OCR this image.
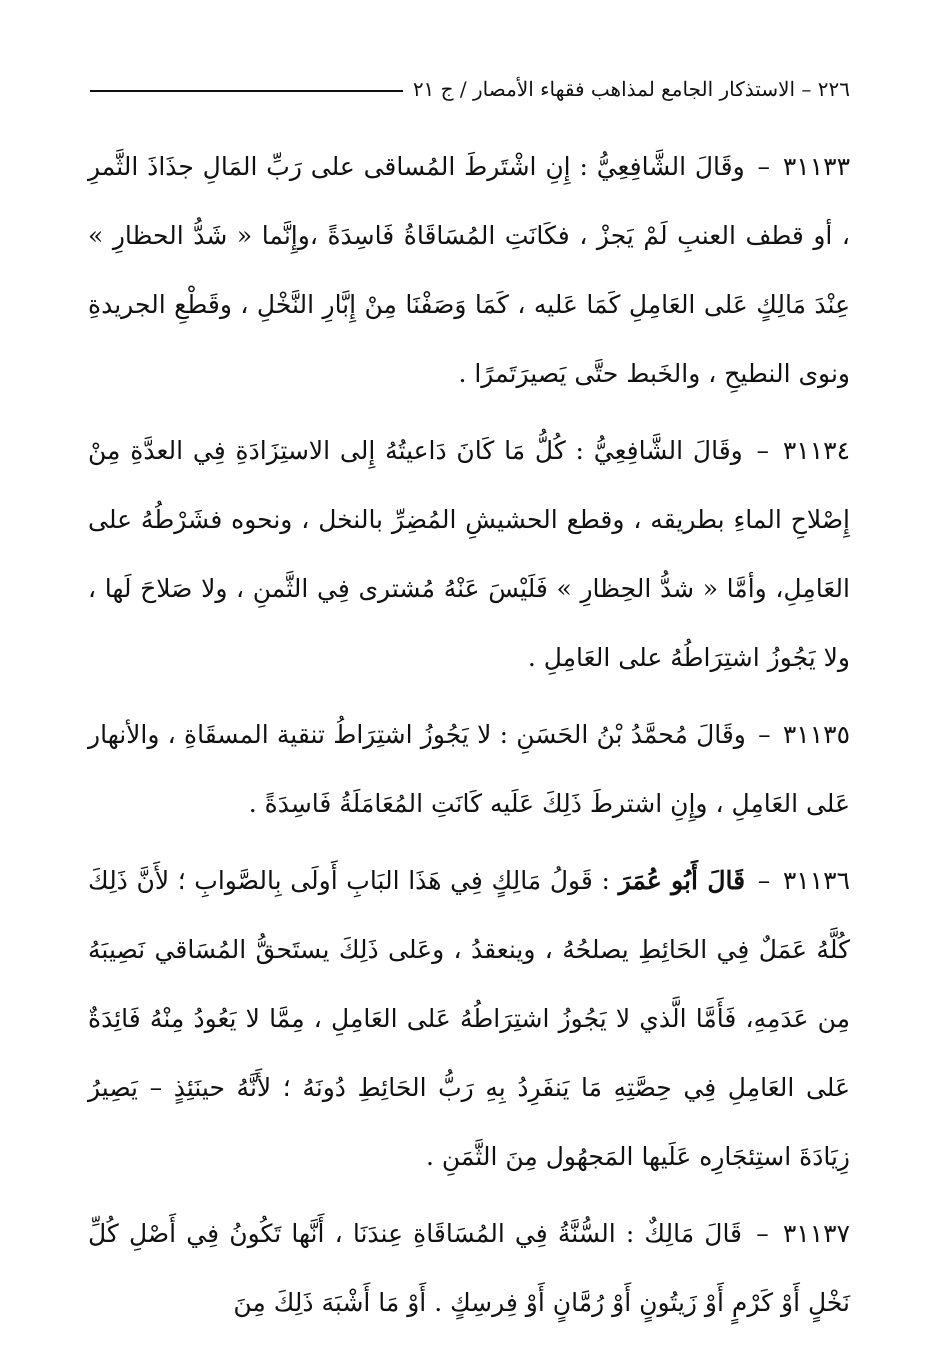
٢٢٦ – الاستذكار الجامع لمذاهب فقهاء الأمصار / ج ٢١

٣١١٣٣ – وقَالَ الشَّافِعِيُّ : إِنِ اشْتَرطَ المُساقى على رَبِّ المَالِ جذَاذَ الثَّمرِ ، أو قطف العنبِ لَمْ يَجزْ ، فكَانَتِ المُسَاقَاةُ فَاسِدَةً ،وإِنَّما « شَدُّ الحظارِ » عِنْدَ مَالِكٍ عَلى العَامِلِ كَمَا عَليه ، كَمَا وَصَفْنَا مِنْ إِبَّارِ النَّخْلِ ، وقَطْعِ الجريدةِ ونوى النطيحِ ، والخَبط حتَّى يَصيرَتَمرًا .

٣١١٣٤ – وقَالَ الشَّافِعِيُّ : كُلُّ مَا كَانَ دَاعيتُهُ إِلى الاستِزَادَةِ فِي العدَّةِ مِنْ إِصْلاحِ الماءِ بطريقه ، وقطع الحشيشِ المُضِرِّ بالنخل ، ونحوه فشَرْطُهُ على العَامِلِ، وأمَّا « شدُّ الحِظارِ » فَلَيْسَ عَنْهُ مُشترى فِي الثَّمنِ ، ولا صَلاحَ لَها ، ولا يَجُوزُ اشتِرَاطُهُ على العَامِلِ .

٣١١٣٥ – وقَالَ مُحمَّدُ بْنُ الحَسَنِ : لا يَجُوزُ اشتِرَاطُ تنقية المسقَاةِ ، والأنهار عَلى العَامِلِ ، وإِنِ اشترطَ ذَلِكَ عَلَيه كَانَتِ المُعَامَلَةُ فَاسِدَةً .

٣١١٣٦ – قَالَ أَبُو عُمَرَ : قَولُ مَالِكٍ فِي هَذَا البَابِ أَولَى بِالصَّوابِ ؛ لأَنَّ ذَلِكَ كُلَّهُ عَمَلٌ فِي الحَائِطِ يصلحُهُ ، وينعقدُ ، وعَلى ذَلِكَ يستَحقُّ المُسَاقي نَصِيبَهُ مِن عَدَمِهِ، فَأَمَّا الَّذي لا يَجُوزُ اشتِرَاطُهُ عَلى العَامِلِ ، مِمَّا لا يَعُودُ مِنْهُ فَائِدَةٌ عَلى العَامِلِ فِي حِصَّتِهِ مَا يَنفَرِدُ بِهِ رَبُّ الحَائِطِ دُونَهُ ؛ لأَنَّهُ حينَئِذٍ – يَصِيرُ زِيَادَةَ استِئجَارِه عَلَيها المَجهُول مِنَ الثَّمَنِ .

٣١١٣٧ – قَالَ مَالِكٌ : السُّنَّةُ فِي المُسَاقَاةِ عِندَنَا ، أَنَّها تَكُونُ فِي أَصْلِ كُلِّ نَخْلٍ أَوْ كَرْمٍ أَوْ زَيتُونٍ أَوْ رُمَّانٍ أَوْ فِرسِكٍ . أَوْ مَا أَشْبَهَ ذَلِكَ مِنَ
